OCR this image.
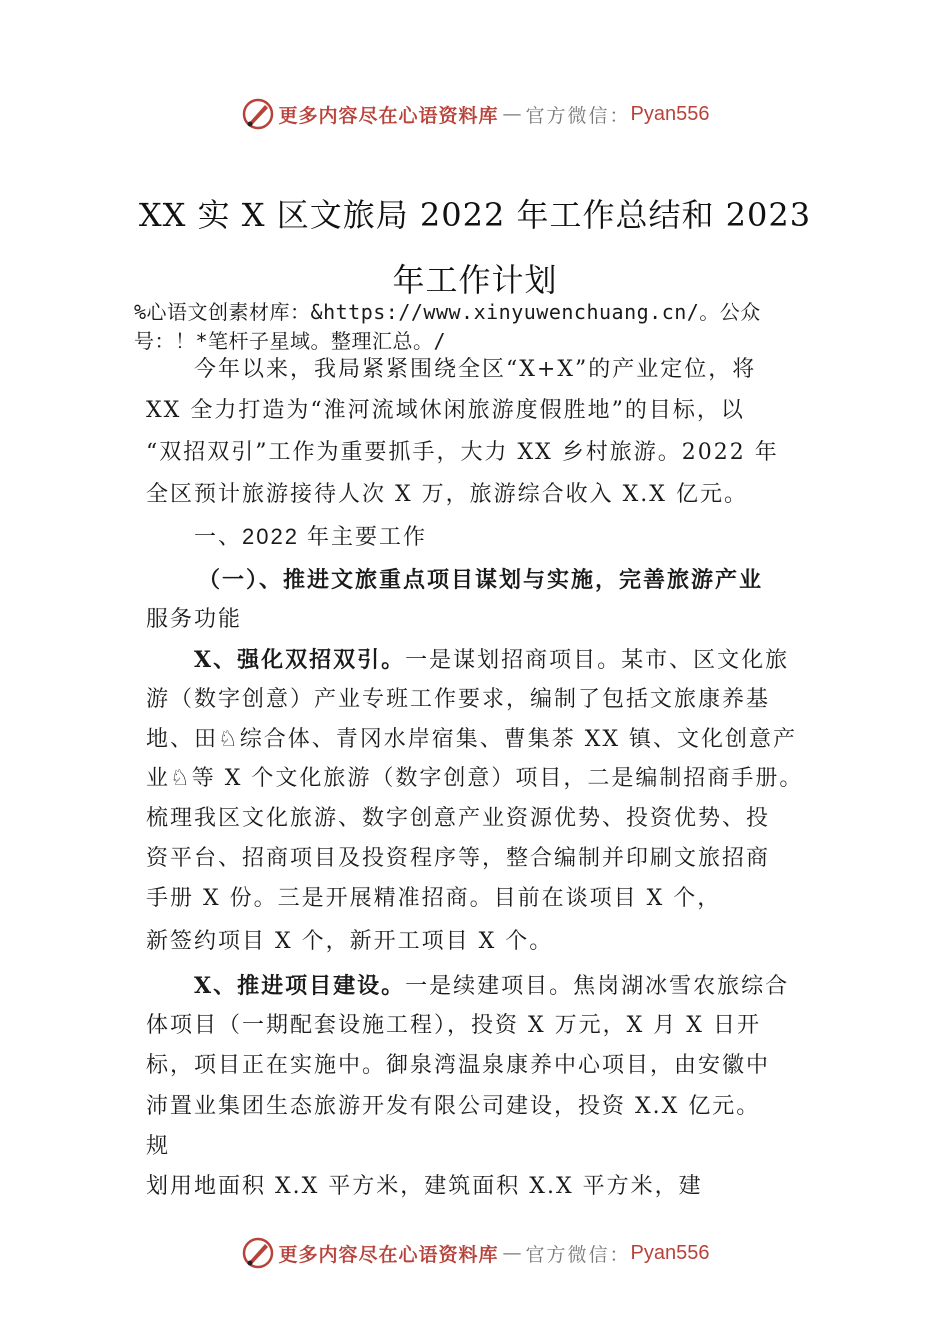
更多内容尽在心语资料库 — 官方微信： Pyan556
XX 实 X 区文旅局 2022 年工作总结和 2023
年工作计划
%心语文创素材库：&https://www.xinyuwenchuang.cn/。公众
号：！*笔杆子星域。整理汇总。/
今年以来，我局紧紧围绕全区“X+X”的产业定位，将
XX 全力打造为“淮河流域休闲旅游度假胜地”的目标，以
“双招双引”工作为重要抓手，大力 XX 乡村旅游。2022 年
全区预计旅游接待人次 X 万，旅游综合收入 X.X 亿元。
一、2022 年主要工作
（一）、推进文旅重点项目谋划与实施，完善旅游产业
服务功能
X、强化双招双引。一是谋划招商项目。某市、区文化旅
游（数字创意）产业专班工作要求，编制了包括文旅康养基
地、田♘综合体、青冈水岸宿集、曹集茶 XX 镇、文化创意产
业♘等 X 个文化旅游（数字创意）项目，二是编制招商手册。
梳理我区文化旅游、数字创意产业资源优势、投资优势、投
资平台、招商项目及投资程序等，整合编制并印刷文旅招商
手册 X 份。三是开展精准招商。目前在谈项目 X 个，
新签约项目 X 个，新开工项目 X 个。
X、推进项目建设。一是续建项目。焦岗湖冰雪农旅综合
体项目（一期配套设施工程），投资 X 万元，X 月 X 日开
标，项目正在实施中。御泉湾温泉康养中心项目，由安徽中
沛置业集团生态旅游开发有限公司建设，投资 X.X 亿元。
规
划用地面积 X.X 平方米，建筑面积 X.X 平方米，建
更多内容尽在心语资料库 — 官方微信： Pyan556
